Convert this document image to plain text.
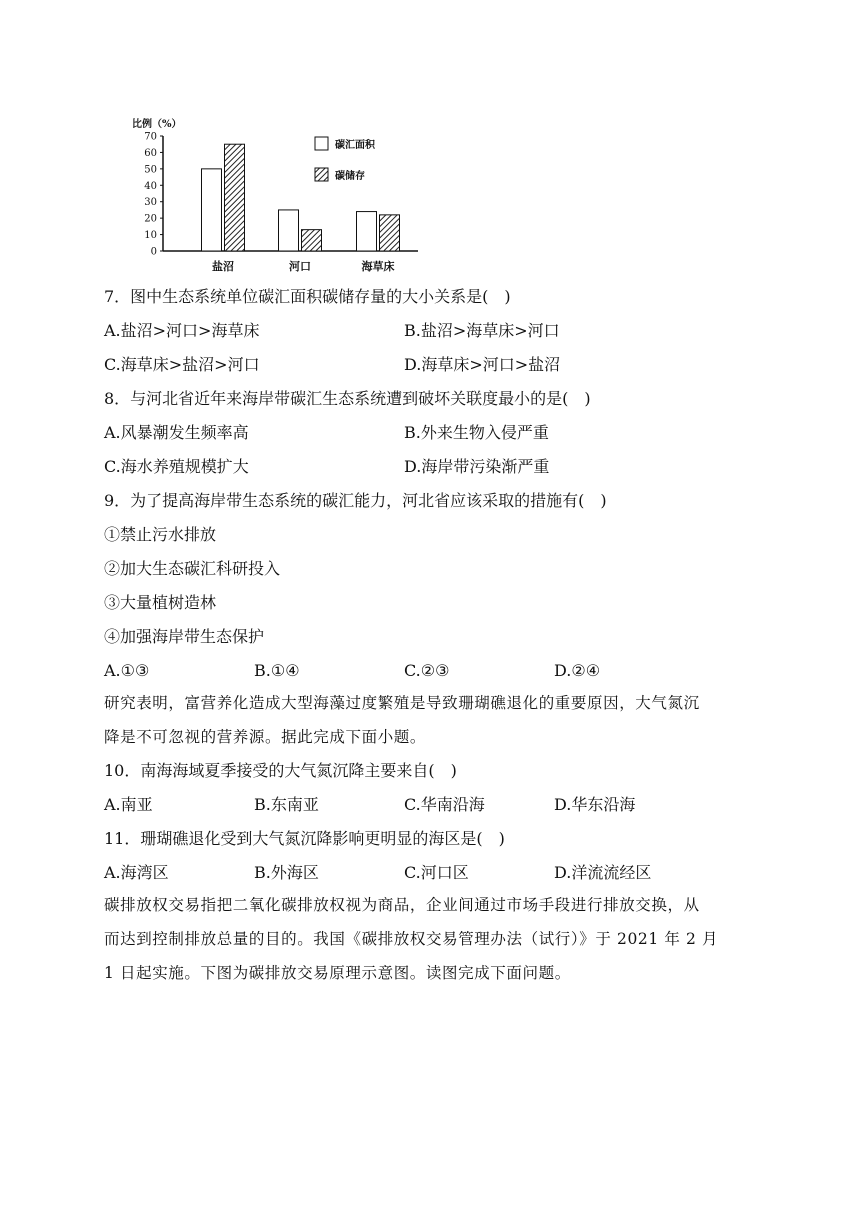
比例（%）
0
10
20
30
40
50
60
70
盐沼	河口	海草床
碳汇面积
碳储存
7．图中生态系统单位碳汇面积碳储存量的大小关系是(　)
A.盐沼>河口>海草床	B.盐沼>海草床>河口
C.海草床>盐沼>河口	D.海草床>河口>盐沼
8．与河北省近年来海岸带碳汇生态系统遭到破坏关联度最小的是(　)
A.风暴潮发生频率高	B.外来生物入侵严重
C.海水养殖规模扩大	D.海岸带污染渐严重
9．为了提高海岸带生态系统的碳汇能力，河北省应该采取的措施有(　)
①禁止污水排放
②加大生态碳汇科研投入
③大量植树造林
④加强海岸带生态保护
A.①③	B.①④	C.②③	D.②④
研究表明，富营养化造成大型海藻过度繁殖是导致珊瑚礁退化的重要原因，大气氮沉
降是不可忽视的营养源。据此完成下面小题。
10．南海海域夏季接受的大气氮沉降主要来自(　)
A.南亚	B.东南亚	C.华南沿海	D.华东沿海
11．珊瑚礁退化受到大气氮沉降影响更明显的海区是(　)
A.海湾区	B.外海区	C.河口区	D.洋流流经区
碳排放权交易指把二氧化碳排放权视为商品，企业间通过市场手段进行排放交换，从
而达到控制排放总量的目的。我国《碳排放权交易管理办法（试行）》于 2021 年 2 月
1 日起实施。下图为碳排放交易原理示意图。读图完成下面问题。
